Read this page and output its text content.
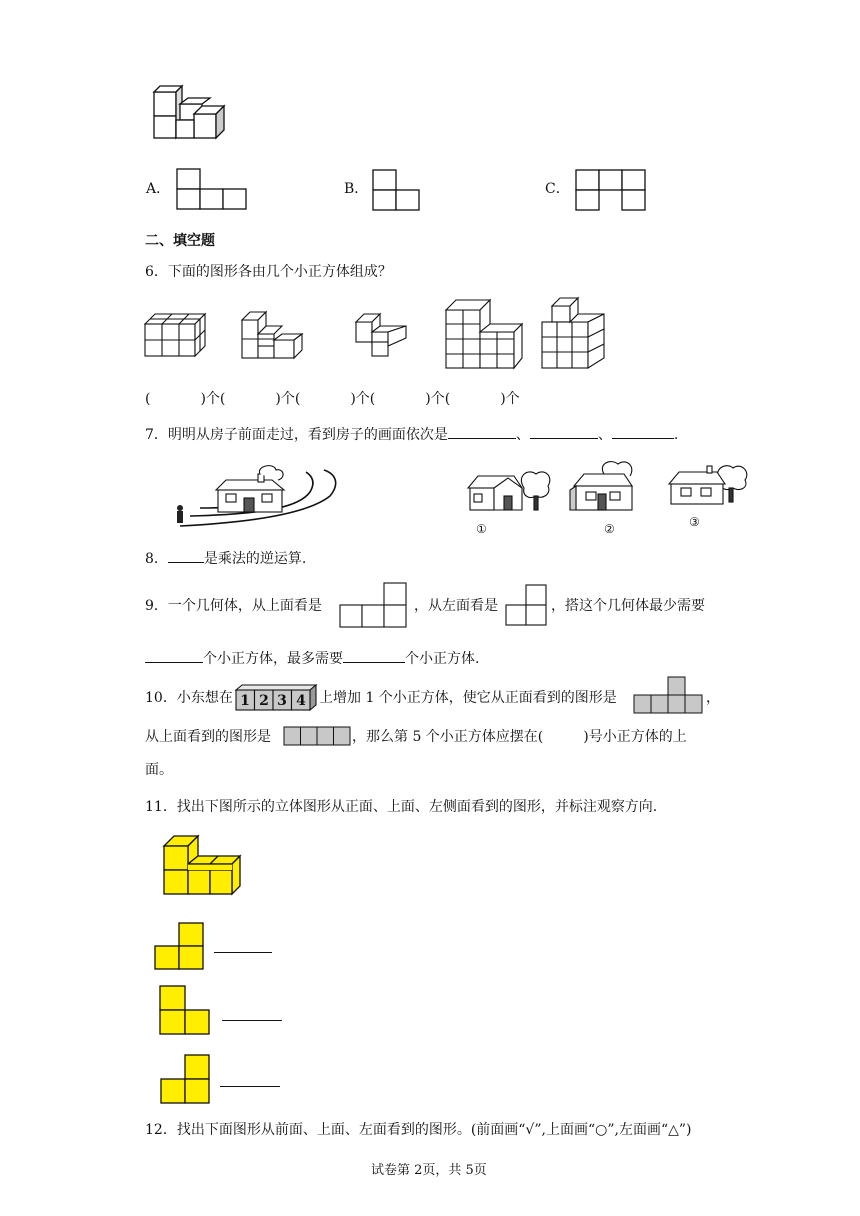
A．	B．	C．
二、填空题
6．下面的图形各由几个小正方体组成？
(	)个(	)个(	)个(	)个(	)个
7．明明从房子前面走过，看到房子的画面依次是	、	、	.
①	②	③
8．	是乘法的逆运算.
9．一个几何体，从上面看是	，从左面看是	，搭这个几何体最少需要
个小正方体，最多需要	个小正方体.
10．小东想在 1 2 3 4 上增加 1 个小正方体，使它从正面看到的图形是	，
从上面看到的图形是	，那么第 5 个小正方体应摆在(	)号小正方体的上
面。
11．找出下图所示的立体图形从正面、上面、左侧面看到的图形，并标注观察方向.
12．找出下面图形从前面、上面、左面看到的图形。(前面画“√”,上面画“○”,左面画“△”)
试卷第 2页，共 5页
